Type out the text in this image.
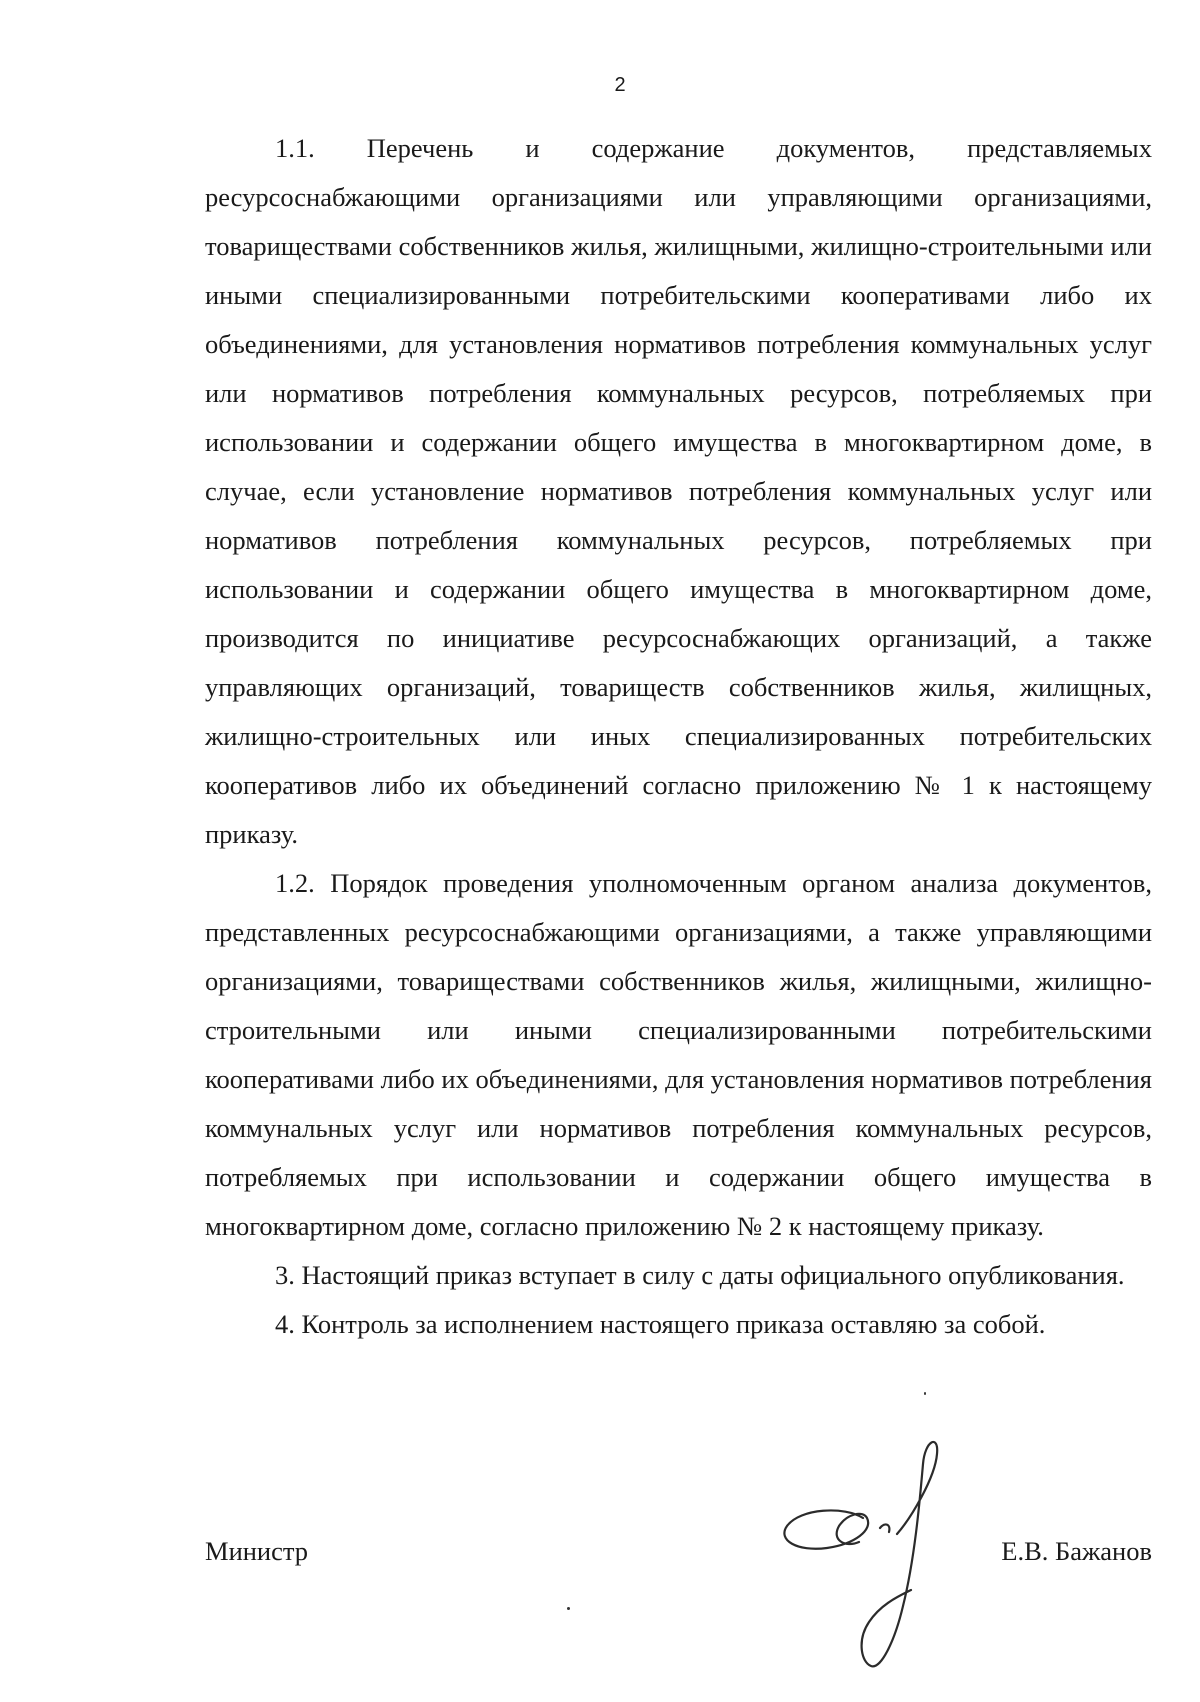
2

1.1. Перечень и содержание документов, представляемых ресурсоснабжающими организациями или управляющими организациями, товариществами собственников жилья, жилищными, жилищно-строительными или иными специализированными потребительскими кооперативами либо их объединениями, для установления нормативов потребления коммунальных услуг или нормативов потребления коммунальных ресурсов, потребляемых при использовании и содержании общего имущества в многоквартирном доме, в случае, если установление нормативов потребления коммунальных услуг или нормативов потребления коммунальных ресурсов, потребляемых при использовании и содержании общего имущества в многоквартирном доме, производится по инициативе ресурсоснабжающих организаций, а также управляющих организаций, товариществ собственников жилья, жилищных, жилищно-строительных или иных специализированных потребительских кооперативов либо их объединений согласно приложению № 1 к настоящему приказу.

1.2. Порядок проведения уполномоченным органом анализа документов, представленных ресурсоснабжающими организациями, а также управляющими организациями, товариществами собственников жилья, жилищными, жилищно-строительными или иными специализированными потребительскими кооперативами либо их объединениями, для установления нормативов потребления коммунальных услуг или нормативов потребления коммунальных ресурсов, потребляемых при использовании и содержании общего имущества в многоквартирном доме, согласно приложению № 2 к настоящему приказу.

3. Настоящий приказ вступает в силу с даты официального опубликования.

4. Контроль за исполнением настоящего приказа оставляю за собой.

Министр	Е.В. Бажанов
